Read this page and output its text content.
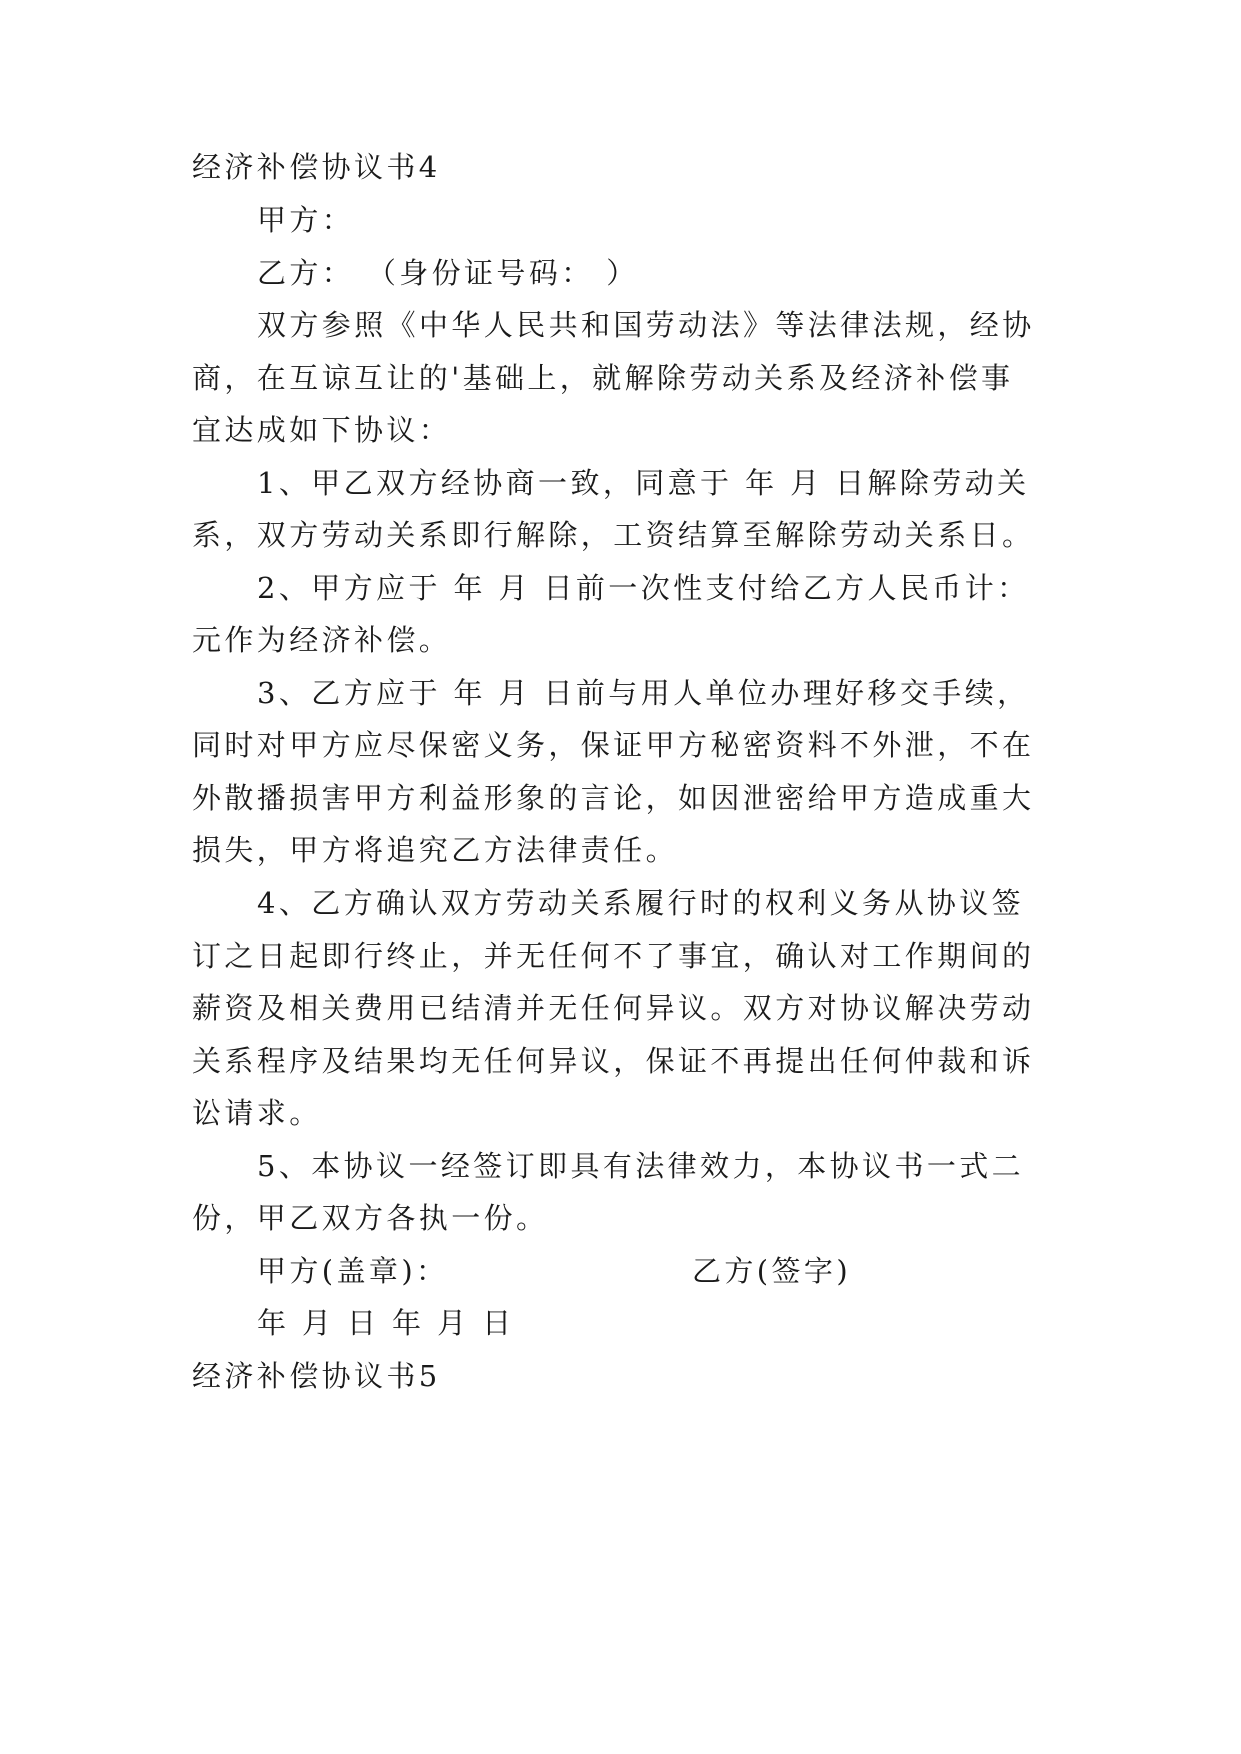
经济补偿协议书4
甲方：
乙方： （身份证号码： ）
双方参照《中华人民共和国劳动法》等法律法规，经协
商，在互谅互让的'基础上，就解除劳动关系及经济补偿事
宜达成如下协议：
1、甲乙双方经协商一致，同意于 年 月 日解除劳动关
系，双方劳动关系即行解除，工资结算至解除劳动关系日。
2、甲方应于 年 月 日前一次性支付给乙方人民币计：
元作为经济补偿。
3、乙方应于 年 月 日前与用人单位办理好移交手续，
同时对甲方应尽保密义务，保证甲方秘密资料不外泄，不在
外散播损害甲方利益形象的言论，如因泄密给甲方造成重大
损失，甲方将追究乙方法律责任。
4、乙方确认双方劳动关系履行时的权利义务从协议签
订之日起即行终止，并无任何不了事宜，确认对工作期间的
薪资及相关费用已结清并无任何异议。双方对协议解决劳动
关系程序及结果均无任何异议，保证不再提出任何仲裁和诉
讼请求。
5、本协议一经签订即具有法律效力，本协议书一式二
份，甲乙双方各执一份。
甲方(盖章)：	乙方(签字)
年 月 日 年 月 日
经济补偿协议书5
